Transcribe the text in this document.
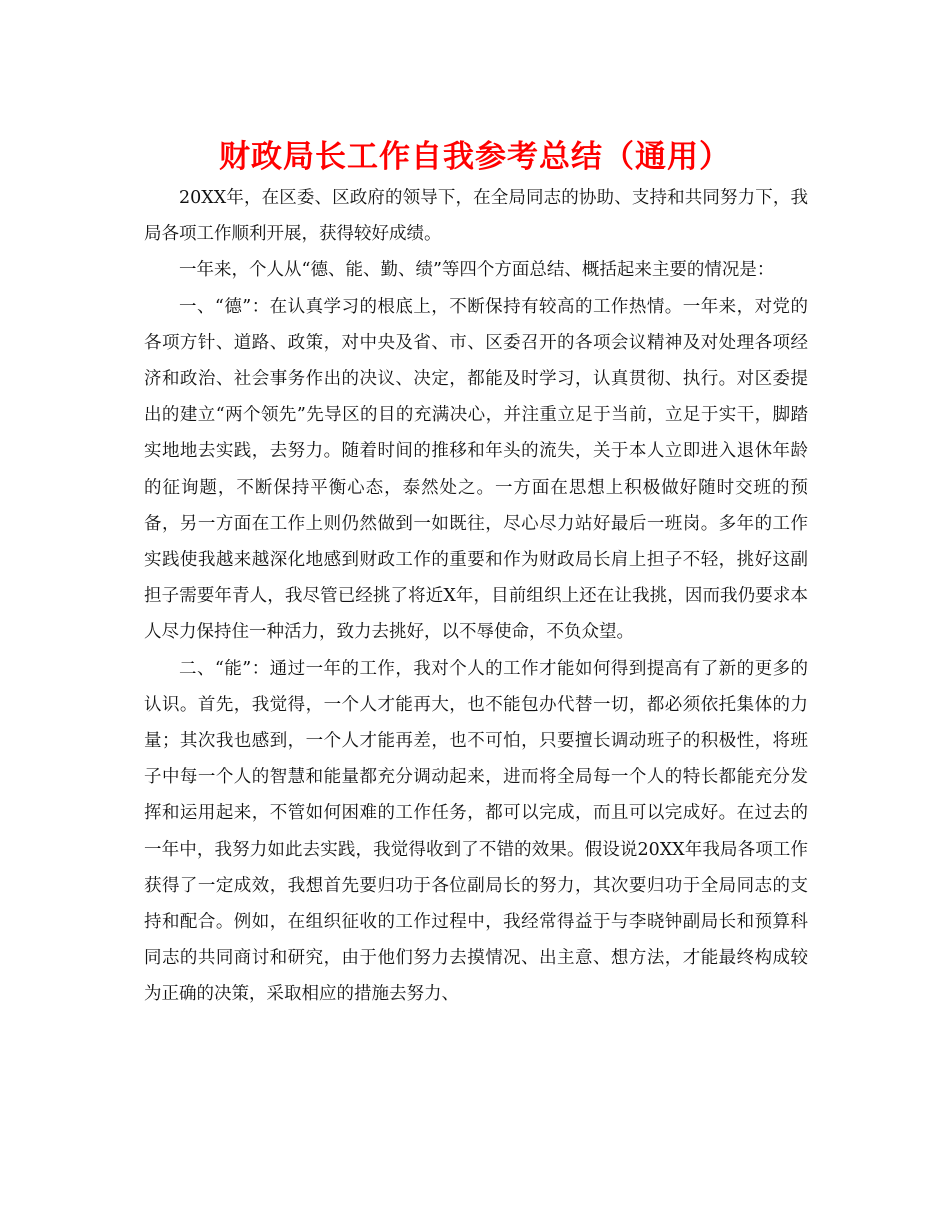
财政局长工作自我参考总结（通用）

20XX年，在区委、区政府的领导下，在全局同志的协助、支持和共同努力下，我局各项工作顺利开展，获得较好成绩。

一年来，个人从“德、能、勤、绩”等四个方面总结、概括起来主要的情况是：

一、“德”：在认真学习的根底上，不断保持有较高的工作热情。一年来，对党的各项方针、道路、政策，对中央及省、市、区委召开的各项会议精神及对处理各项经济和政治、社会事务作出的决议、决定，都能及时学习，认真贯彻、执行。对区委提出的建立“两个领先”先导区的目的充满决心，并注重立足于当前，立足于实干，脚踏实地地去实践，去努力。随着时间的推移和年头的流失，关于本人立即进入退休年龄的征询题，不断保持平衡心态，泰然处之。一方面在思想上积极做好随时交班的预备，另一方面在工作上则仍然做到一如既往，尽心尽力站好最后一班岗。多年的工作实践使我越来越深化地感到财政工作的重要和作为财政局长肩上担子不轻，挑好这副担子需要年青人，我尽管已经挑了将近X年，目前组织上还在让我挑，因而我仍要求本人尽力保持住一种活力，致力去挑好，以不辱使命，不负众望。

二、“能”：通过一年的工作，我对个人的工作才能如何得到提高有了新的更多的认识。首先，我觉得，一个人才能再大，也不能包办代替一切，都必须依托集体的力量；其次我也感到，一个人才能再差，也不可怕，只要擅长调动班子的积极性，将班子中每一个人的智慧和能量都充分调动起来，进而将全局每一个人的特长都能充分发挥和运用起来，不管如何困难的工作任务，都可以完成，而且可以完成好。在过去的一年中，我努力如此去实践，我觉得收到了不错的效果。假设说20XX年我局各项工作获得了一定成效，我想首先要归功于各位副局长的努力，其次要归功于全局同志的支持和配合。例如，在组织征收的工作过程中，我经常得益于与李晓钟副局长和预算科同志的共同商讨和研究，由于他们努力去摸情况、出主意、想方法，才能最终构成较为正确的决策，采取相应的措施去努力、
